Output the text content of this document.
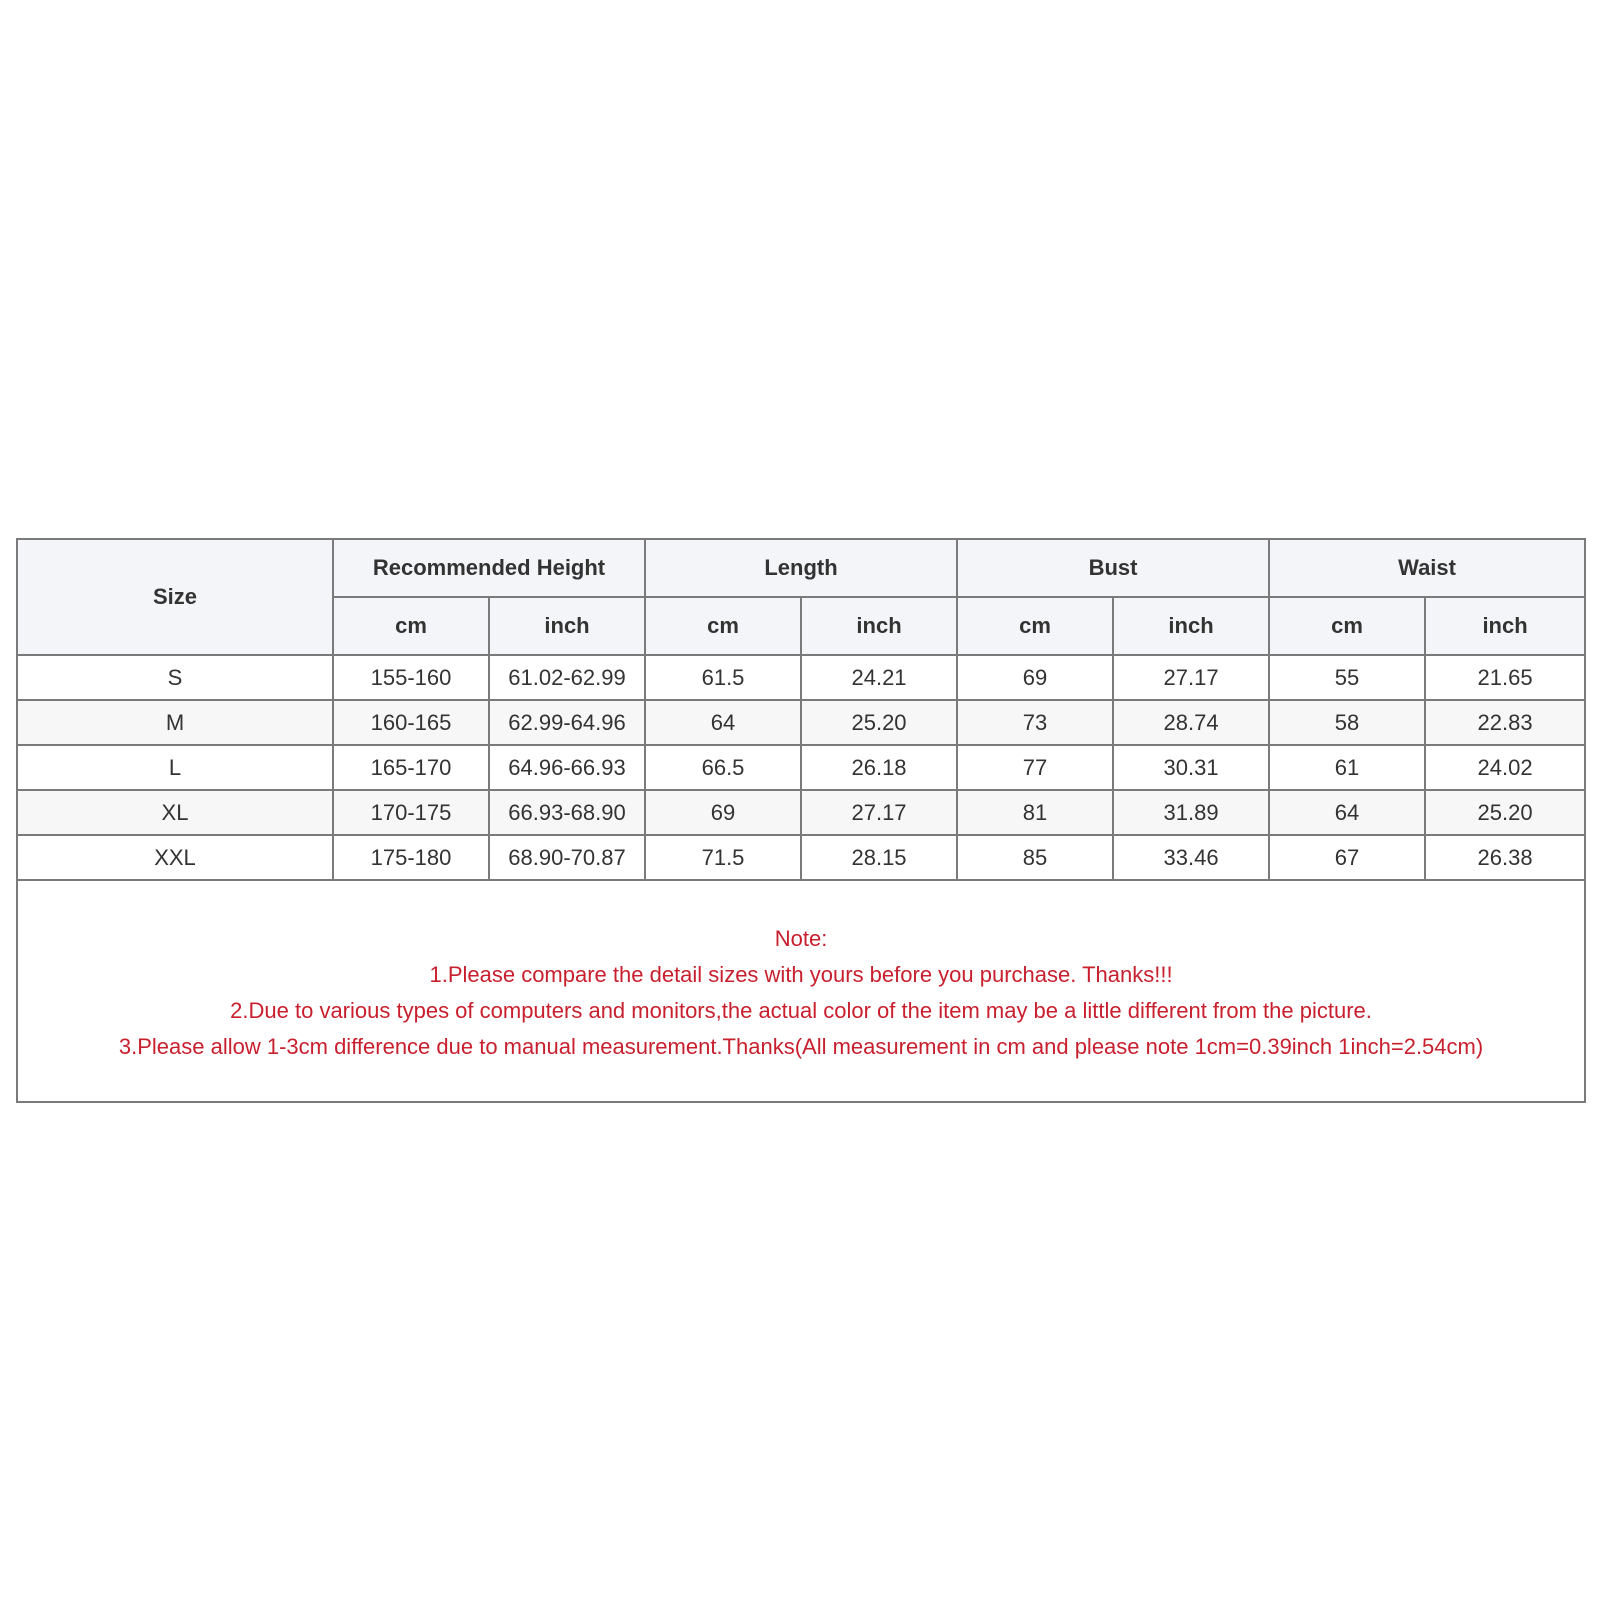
Size	Recommended Height		Length		Bust		Waist	
	cm	inch	cm	inch	cm	inch	cm	inch
S	155-160	61.02-62.99	61.5	24.21	69	27.17	55	21.65
M	160-165	62.99-64.96	64	25.20	73	28.74	58	22.83
L	165-170	64.96-66.93	66.5	26.18	77	30.31	61	24.02
XL	170-175	66.93-68.90	69	27.17	81	31.89	64	25.20
XXL	175-180	68.90-70.87	71.5	28.15	85	33.46	67	26.38

Note:
1.Please compare the detail sizes with yours before you purchase. Thanks!!!
2.Due to various types of computers and monitors,the actual color of the item may be a little different from the picture.
3.Please allow 1-3cm difference due to manual measurement.Thanks(All measurement in cm and please note 1cm=0.39inch 1inch=2.54cm)								
